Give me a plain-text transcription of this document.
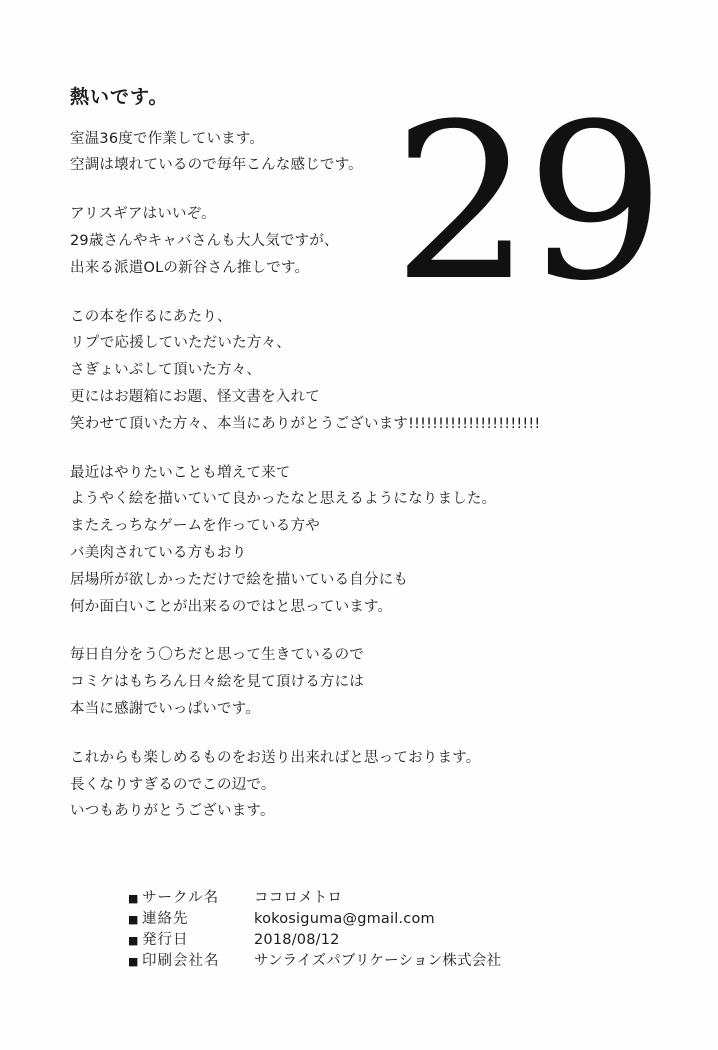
29
熱いです。
室温36度で作業しています。
空調は壊れているので毎年こんな感じです。
アリスギアはいいぞ。
29歳さんやキャバさんも大人気ですが、
出来る派遣OLの新谷さん推しです。
この本を作るにあたり、
リプで応援していただいた方々、
さぎょいぷして頂いた方々、
更にはお題箱にお題、怪文書を入れて
笑わせて頂いた方々、本当にありがとうございます!!!!!!!!!!!!!!!!!!!!!!
最近はやりたいことも増えて来て
ようやく絵を描いていて良かったなと思えるようになりました。
またえっちなゲームを作っている方や
バ美肉されている方もおり
居場所が欲しかっただけで絵を描いている自分にも
何か面白いことが出来るのではと思っています。
毎日自分をう〇ちだと思って生きているので
コミケはもちろん日々絵を見て頂ける方には
本当に感謝でいっぱいです。
これからも楽しめるものをお送り出来ればと思っております。
長くなりすぎるのでこの辺で。
いつもありがとうございます。
■ サークル名	ココロメトロ
■ 連絡先	kokosiguma@gmail.com
■ 発行日	2018/08/12
■ 印刷会社名	サンライズパブリケーション株式会社
